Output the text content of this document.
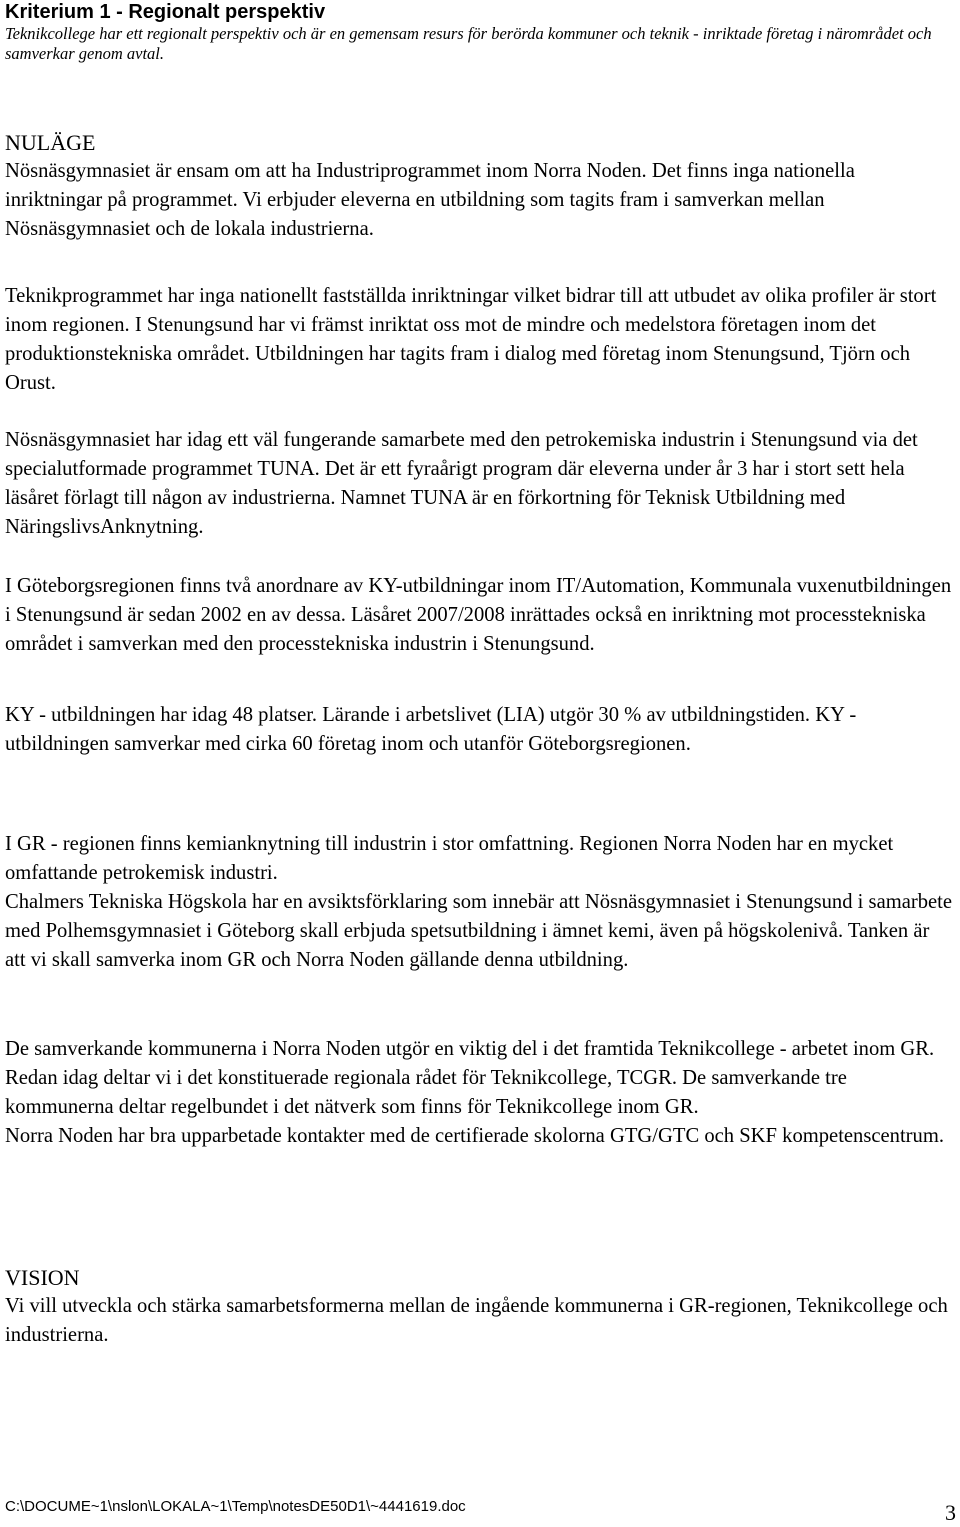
Kriterium 1 - Regionalt perspektiv

Teknikcollege har ett regionalt perspektiv och är en gemensam resurs för berörda kommuner och teknik - inriktade företag i närområdet och samverkar genom avtal.

NULÄGE

Nösnäsgymnasiet är ensam om att ha Industriprogrammet inom Norra Noden. Det finns inga nationella inriktningar på programmet. Vi erbjuder eleverna en utbildning som tagits fram i samverkan mellan Nösnäsgymnasiet och de lokala industrierna.

Teknikprogrammet har inga nationellt fastställda inriktningar vilket bidrar till att utbudet av olika profiler är stort inom regionen. I Stenungsund har vi främst inriktat oss mot de mindre och medelstora företagen inom det produktionstekniska området. Utbildningen har tagits fram i dialog med företag inom Stenungsund, Tjörn och Orust.

Nösnäsgymnasiet har idag ett väl fungerande samarbete med den petrokemiska industrin i Stenungsund via det specialutformade programmet TUNA. Det är ett fyraårigt program där eleverna under år 3 har i stort sett hela läsåret förlagt till någon av industrierna. Namnet TUNA är en förkortning för Teknisk Utbildning med NäringslivsAnknytning.

I Göteborgsregionen finns två anordnare av KY-utbildningar inom IT/Automation, Kommunala vuxenutbildningen i Stenungsund är sedan 2002 en av dessa. Läsåret 2007/2008 inrättades också en inriktning mot processtekniska området i samverkan med den processtekniska industrin i Stenungsund.

KY - utbildningen har idag 48 platser. Lärande i arbetslivet (LIA) utgör 30 % av utbildningstiden. KY - utbildningen samverkar med cirka 60 företag inom och utanför Göteborgsregionen.

I GR - regionen finns kemianknytning till industrin i stor omfattning. Regionen Norra Noden har en mycket omfattande petrokemisk industri.

Chalmers Tekniska Högskola har en avsiktsförklaring som innebär att Nösnäsgymnasiet i Stenungsund i samarbete med Polhemsgymnasiet i Göteborg skall erbjuda spetsutbildning i ämnet kemi, även på högskolenivå. Tanken är att vi skall samverka inom GR och Norra Noden gällande denna utbildning.

De samverkande kommunerna i Norra Noden utgör en viktig del i det framtida Teknikcollege - arbetet inom GR. Redan idag deltar vi i det konstituerade regionala rådet för Teknikcollege, TCGR. De samverkande tre kommunerna deltar regelbundet i det nätverk som finns för Teknikcollege inom GR.

Norra Noden har bra upparbetade kontakter med de certifierade skolorna GTG/GTC och SKF kompetenscentrum.

VISION

Vi vill utveckla och stärka samarbetsformerna mellan de ingående kommunerna i GR-regionen, Teknikcollege och industrierna.

C:\DOCUME~1\nslon\LOKALA~1\Temp\notesDE50D1\~4441619.doc	3
